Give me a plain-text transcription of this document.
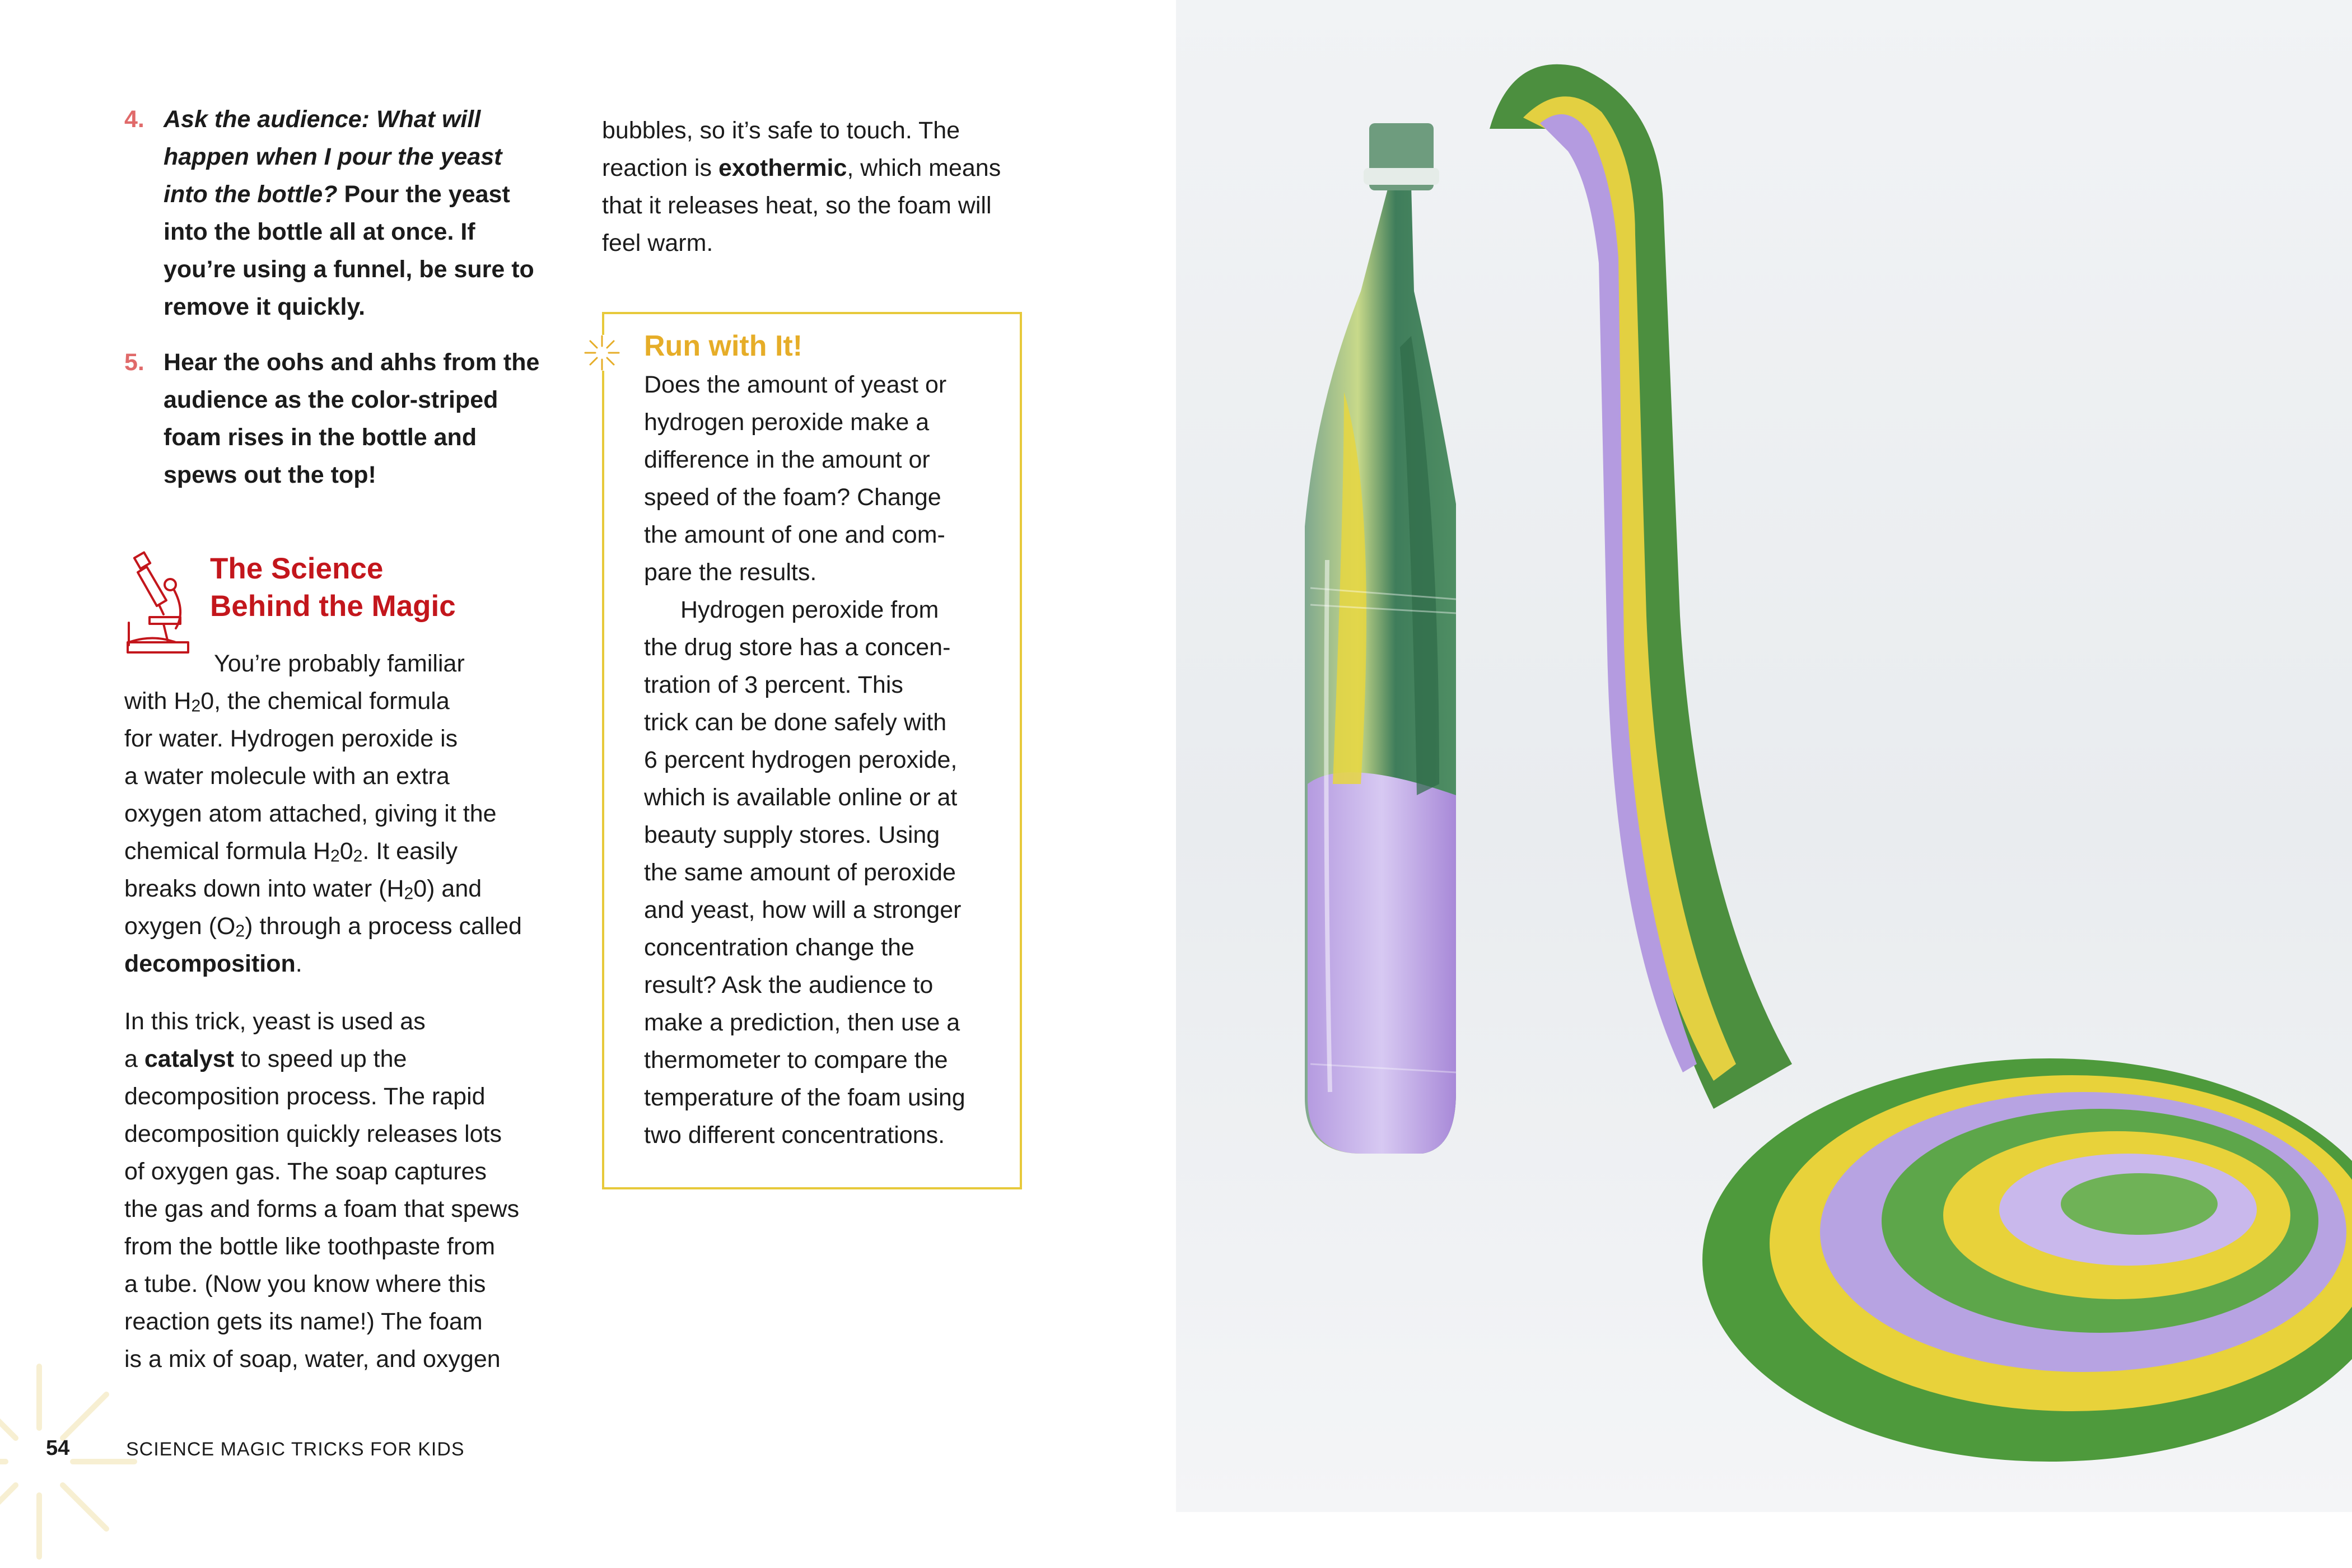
4. Ask the audience: What will happen when I pour the yeast into the bottle? Pour the yeast into the bottle all at once. If you’re using a funnel, be sure to remove it quickly.
5. Hear the oohs and ahhs from the audience as the color-striped foam rises in the bottle and spews out the top!
The Science
Behind the Magic
You’re probably familiar
with $H_20$, the chemical formula
for water. Hydrogen peroxide is
a water molecule with an extra
oxygen atom attached, giving it the
chemical formula $H_20_2$. It easily
breaks down into water $(H_20)$ and
oxygen $(O_2)$ through a process called
decomposition.
In this trick, yeast is used as
a catalyst to speed up the
decomposition process. The rapid
decomposition quickly releases lots
of oxygen gas. The soap captures
the gas and forms a foam that spews
from the bottle like toothpaste from
a tube. (Now you know where this
reaction gets its name!) The foam
is a mix of soap, water, and oxygen
bubbles, so it’s safe to touch. The
reaction is exothermic, which means
that it releases heat, so the foam will
feel warm.
Run with It!
Does the amount of yeast or
hydrogen peroxide make a
difference in the amount or
speed of the foam? Change
the amount of one and com-
pare the results.
Hydrogen peroxide from
the drug store has a concen-
tration of 3 percent. This
trick can be done safely with
6 percent hydrogen peroxide,
which is available online or at
beauty supply stores. Using
the same amount of peroxide
and yeast, how will a stronger
concentration change the
result? Ask the audience to
make a prediction, then use a
thermometer to compare the
temperature of the foam using
two different concentrations.
54	SCIENCE MAGIC TRICKS FOR KIDS
